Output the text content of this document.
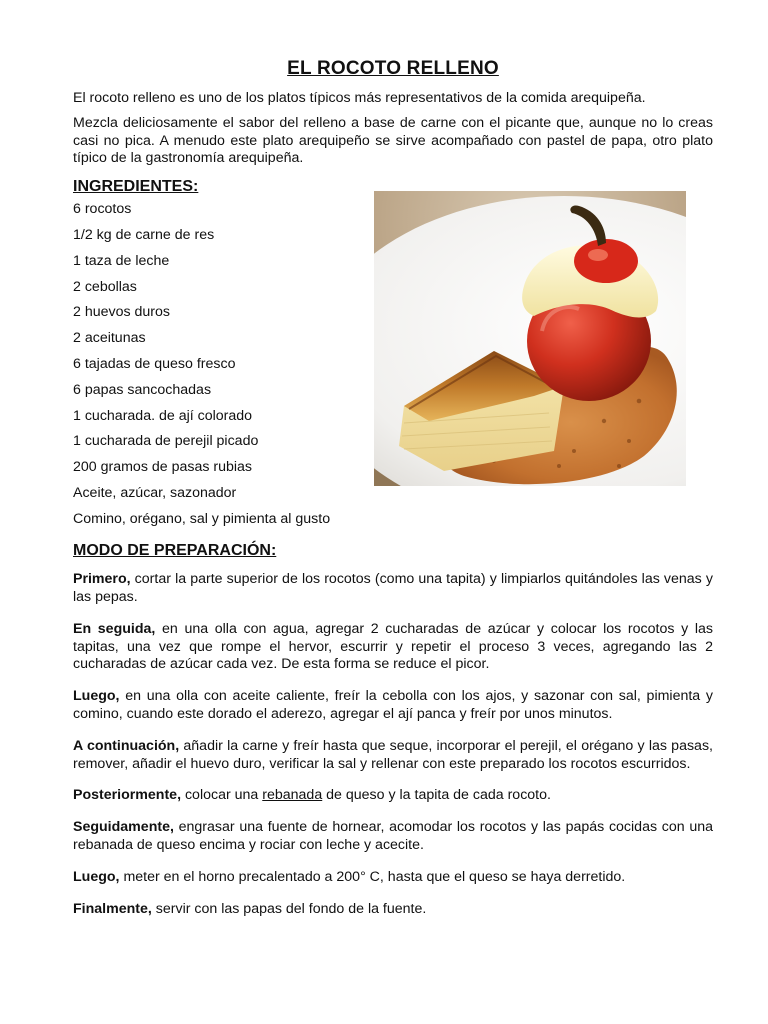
EL ROCOTO RELLENO

El rocoto relleno es uno de los platos típicos más representativos de la comida arequipeña.

Mezcla deliciosamente el sabor del relleno a base de carne con el picante que, aunque no lo creas casi no pica. A menudo este plato arequipeño se sirve acompañado con pastel de papa, otro plato típico de la gastronomía arequipeña.

INGREDIENTES:
6 rocotos
1/2 kg de carne de res
1 taza de leche
2 cebollas
2 huevos duros
2 aceitunas
6 tajadas de queso fresco
6 papas sancochadas
1 cucharada. de ají colorado
1 cucharada de perejil picado
200 gramos de pasas rubias
Aceite, azúcar, sazonador
Comino, orégano, sal y pimienta al gusto
MODO DE PREPARACIÓN:

Primero, cortar la parte superior de los rocotos (como una tapita) y limpiarlos quitándoles las venas y las pepas.

En seguida, en una olla con agua, agregar 2 cucharadas de azúcar y colocar los rocotos y las tapitas, una vez que rompe el hervor, escurrir y repetir el proceso 3 veces, agregando las 2 cucharadas de azúcar cada vez. De esta forma se reduce el picor.

Luego, en una olla con aceite caliente, freír la cebolla con los ajos, y sazonar con sal, pimienta y comino, cuando este dorado el aderezo, agregar el ají panca y freír por unos minutos.

A continuación, añadir la carne y freír hasta que seque, incorporar el perejil, el orégano y las pasas, remover, añadir el huevo duro, verificar la sal y rellenar con este preparado los rocotos escurridos.

Posteriormente, colocar una rebanada de queso y la tapita de cada rocoto.

Seguidamente, engrasar una fuente de hornear, acomodar los rocotos y las papás cocidas con una rebanada de queso encima y rociar con leche y acecite.

Luego, meter en el horno precalentado a 200° C, hasta que el queso se haya derretido.

Finalmente, servir con las papas del fondo de la fuente.
